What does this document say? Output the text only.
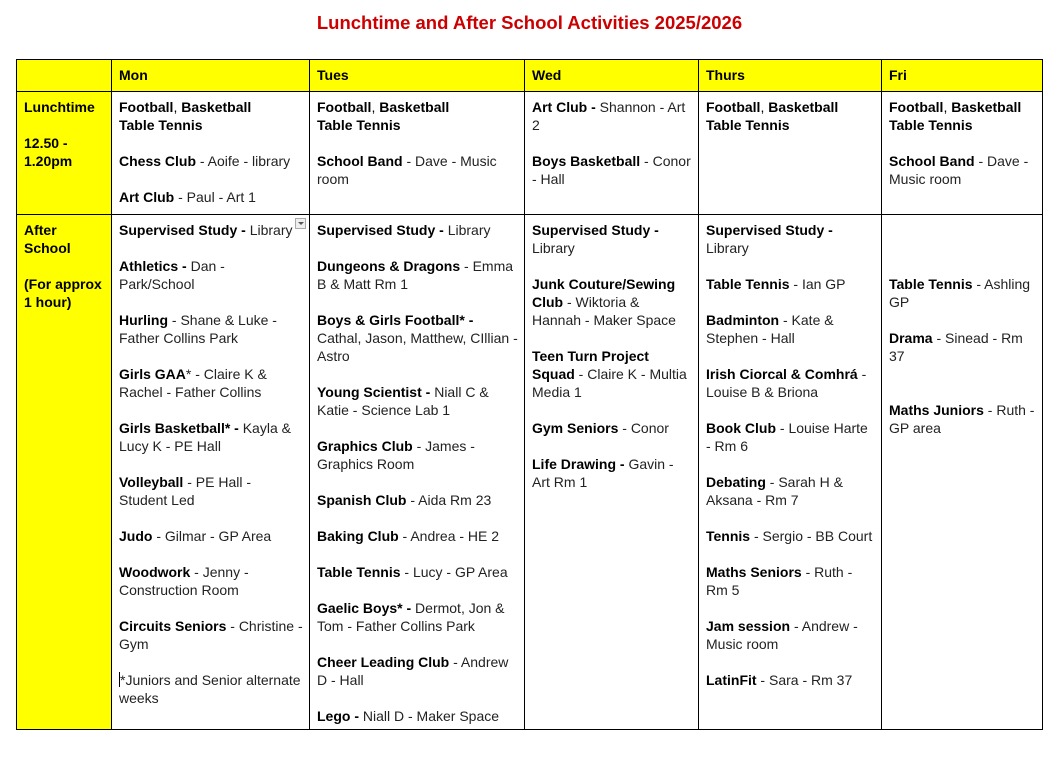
Lunchtime and After School Activities 2025/2026
	Mon	Tues	Wed	Thurs	Fri

Lunchtime
12.50 - 1.20pm

Football, Basketball
Table Tennis
Chess Club - Aoife - library
Art Club - Paul - Art 1

Football, Basketball
Table Tennis
School Band - Dave - Music room

Art Club - Shannon - Art 2
Boys Basketball - Conor - Hall

Football, Basketball
Table Tennis

Football, Basketball
Table Tennis
School Band - Dave - Music room

After School
(For approx 1 hour)

Supervised Study - Library
Athletics - Dan - Park/School
Hurling - Shane & Luke - Father Collins Park
Girls GAA* - Claire K & Rachel - Father Collins
Girls Basketball* - Kayla & Lucy K - PE Hall
Volleyball - PE Hall - Student Led
Judo - Gilmar - GP Area
Woodwork - Jenny - Construction Room
Circuits Seniors - Christine - Gym
*Juniors and Senior alternate weeks

Supervised Study - Library
Dungeons & Dragons - Emma B & Matt Rm 1
Boys & Girls Football* - Cathal, Jason, Matthew, CIllian - Astro
Young Scientist - Niall C & Katie - Science Lab 1
Graphics Club - James - Graphics Room
Spanish Club - Aida Rm 23
Baking Club - Andrea - HE 2
Table Tennis - Lucy - GP Area
Gaelic Boys* - Dermot, Jon & Tom - Father Collins Park
Cheer Leading Club - Andrew D - Hall
Lego - Niall D - Maker Space

Supervised Study - Library
Junk Couture/Sewing Club - Wiktoria & Hannah - Maker Space
Teen Turn Project Squad - Claire K - Multia Media 1
Gym Seniors - Conor
Life Drawing - Gavin - Art Rm 1

Supervised Study - Library
Table Tennis - Ian GP
Badminton - Kate & Stephen - Hall
Irish Ciorcal & Comhrá - Louise B & Briona
Book Club - Louise Harte - Rm 6
Debating - Sarah H & Aksana - Rm 7
Tennis - Sergio - BB Court
Maths Seniors - Ruth - Rm 5
Jam session - Andrew - Music room
LatinFit - Sara - Rm 37

Table Tennis - Ashling GP
Drama - Sinead - Rm 37
Maths Juniors - Ruth - GP area
